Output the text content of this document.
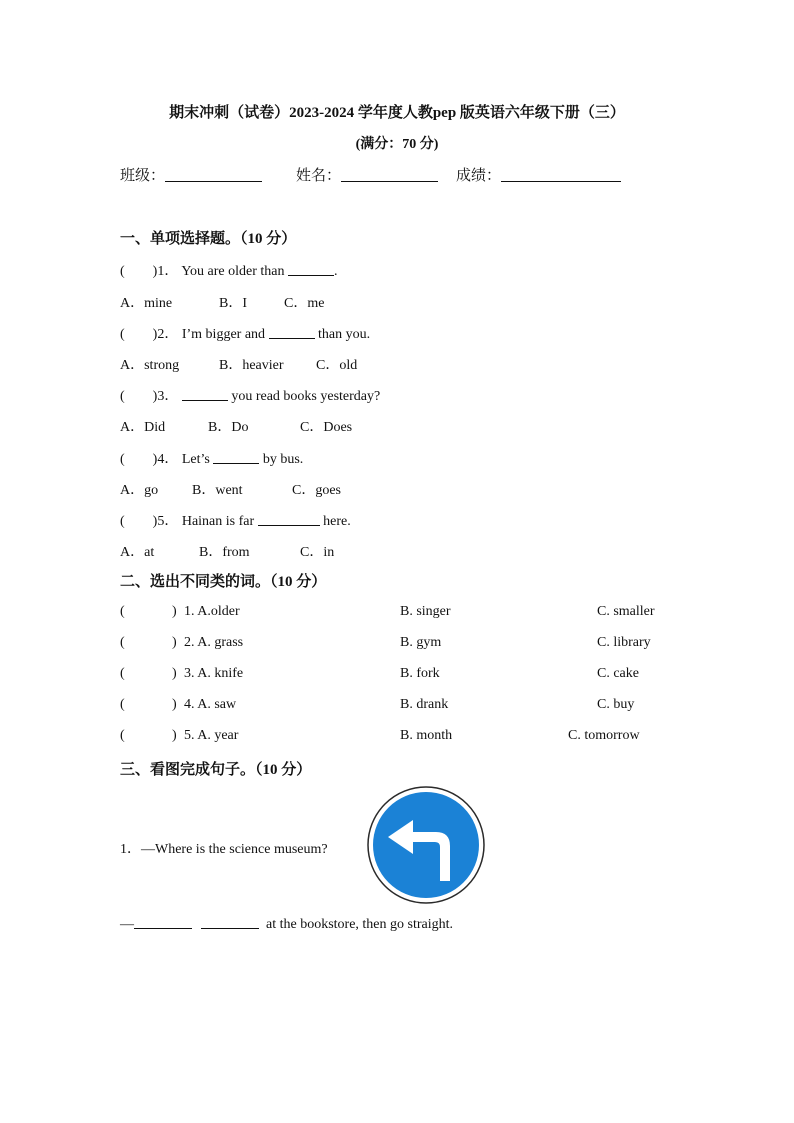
期末冲刺（试卷）2023-2024 学年度人教pep 版英语六年级下册（三）
(满分：70 分)
班级：	姓名：	成绩：
一、单项选择题。（10 分）
( )1． You are older than	.
A．mine	B．I	C．me
( )2． I’m bigger and	than you.
A．strong	B．heavier C．old
( )3．	you read books yesterday?
A．Did	B．Do	C．Does
( )4． Let’s	by bus.
A．go B．went	C．goes
( )5． Hainan is far	here.
A．at	B．from	C．in
二、选出不同类的词。（10 分）
(	) 1. A.older	B. singer	C. smaller
(	) 2. A. grass	B. gym	C. library
(	) 3. A. knife	B. fork	C. cake
(	) 4. A. saw	B. drank	C. buy
(	) 5. A. year	B. month	C. tomorrow
三、看图完成句子。（10 分）
1．—Where is the science museum?
—	at the bookstore, then go straight.
